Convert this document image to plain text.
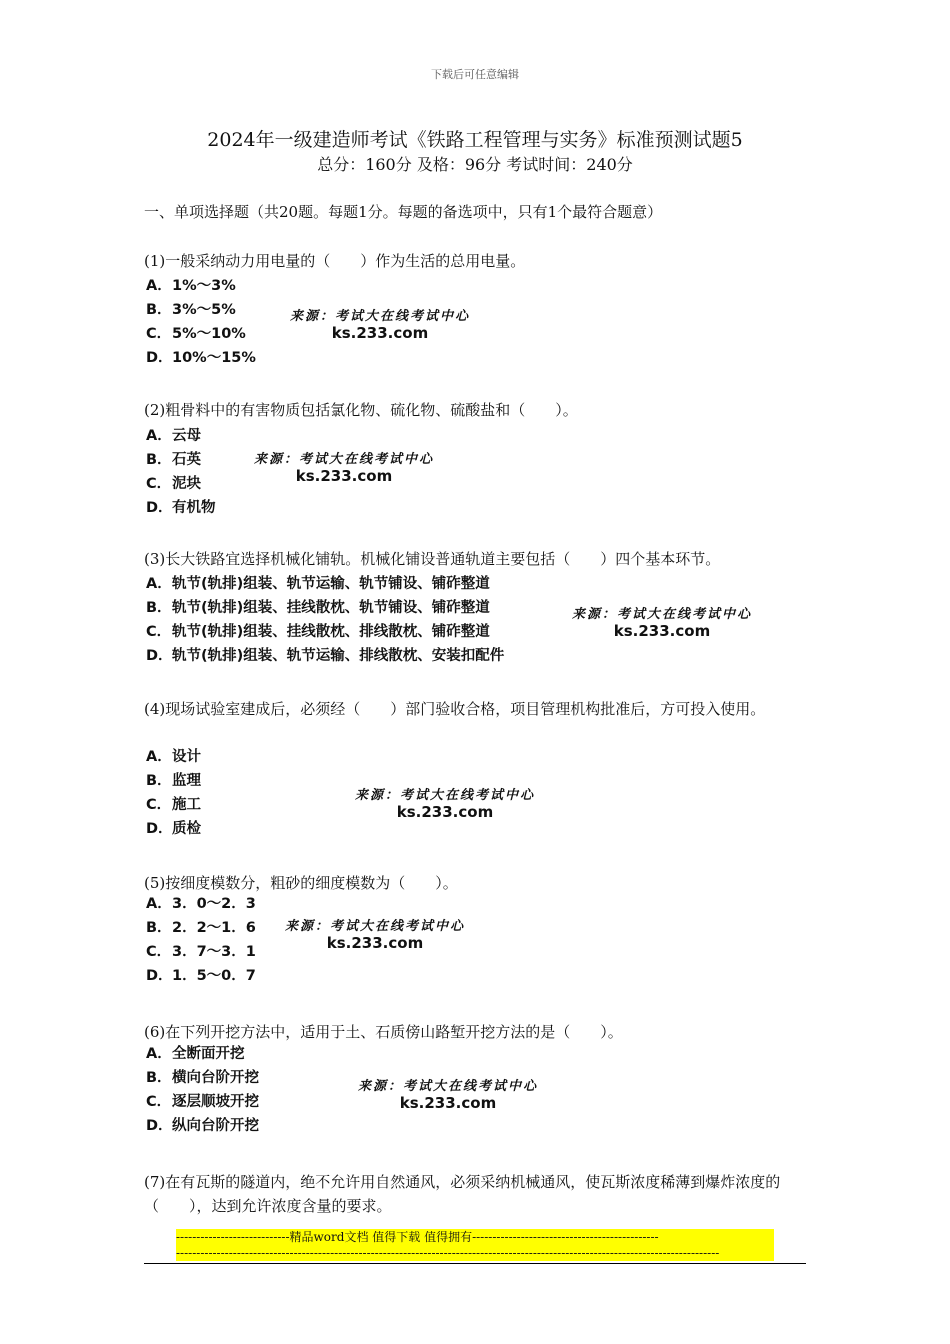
下载后可任意编辑
2024年一级建造师考试《铁路工程管理与实务》标准预测试题5
总分：160分 及格：96分 考试时间：240分
一、单项选择题（共20题。每题1分。每题的备选项中，只有1个最符合题意）
(1)一般采纳动力用电量的（　　）作为生活的总用电量。
A．1%～3%
B．3%～5%
C．5%～10%
D．10%～15%
来源：考试大在线考试中心
ks.233.com
(2)粗骨料中的有害物质包括氯化物、硫化物、硫酸盐和（　　）。
A．云母
B．石英
C．泥块
D．有机物
来源：考试大在线考试中心
ks.233.com
(3)长大铁路宜选择机械化铺轨。机械化铺设普通轨道主要包括（　　）四个基本环节。
A．轨节(轨排)组装、轨节运输、轨节铺设、铺砟整道
B．轨节(轨排)组装、挂线散枕、轨节铺设、铺砟整道
C．轨节(轨排)组装、挂线散枕、排线散枕、铺砟整道
D．轨节(轨排)组装、轨节运输、排线散枕、安装扣配件
来源：考试大在线考试中心
ks.233.com
(4)现场试验室建成后，必须经（　　）部门验收合格，项目管理机构批准后，方可投入使用。
A．设计
B．监理
C．施工
D．质检
来源：考试大在线考试中心
ks.233.com
(5)按细度模数分，粗砂的细度模数为（　　）。
A．3．0～2．3
B．2．2～1．6
C．3．7～3．1
D．1．5～0．7
来源：考试大在线考试中心
ks.233.com
(6)在下列开挖方法中，适用于土、石质傍山路堑开挖方法的是（　　）。
A．全断面开挖
B．横向台阶开挖
C．逐层顺坡开挖
D．纵向台阶开挖
来源：考试大在线考试中心
ks.233.com
(7)在有瓦斯的隧道内，绝不允许用自然通风，必须采纳机械通风，使瓦斯浓度稀薄到爆炸浓度的（　　），达到允许浓度含量的要求。
----------------------------精品word文档 值得下载 值得拥有----------------------------------------------
--------------------------------------------------------------------------------------------------------------------------------------
